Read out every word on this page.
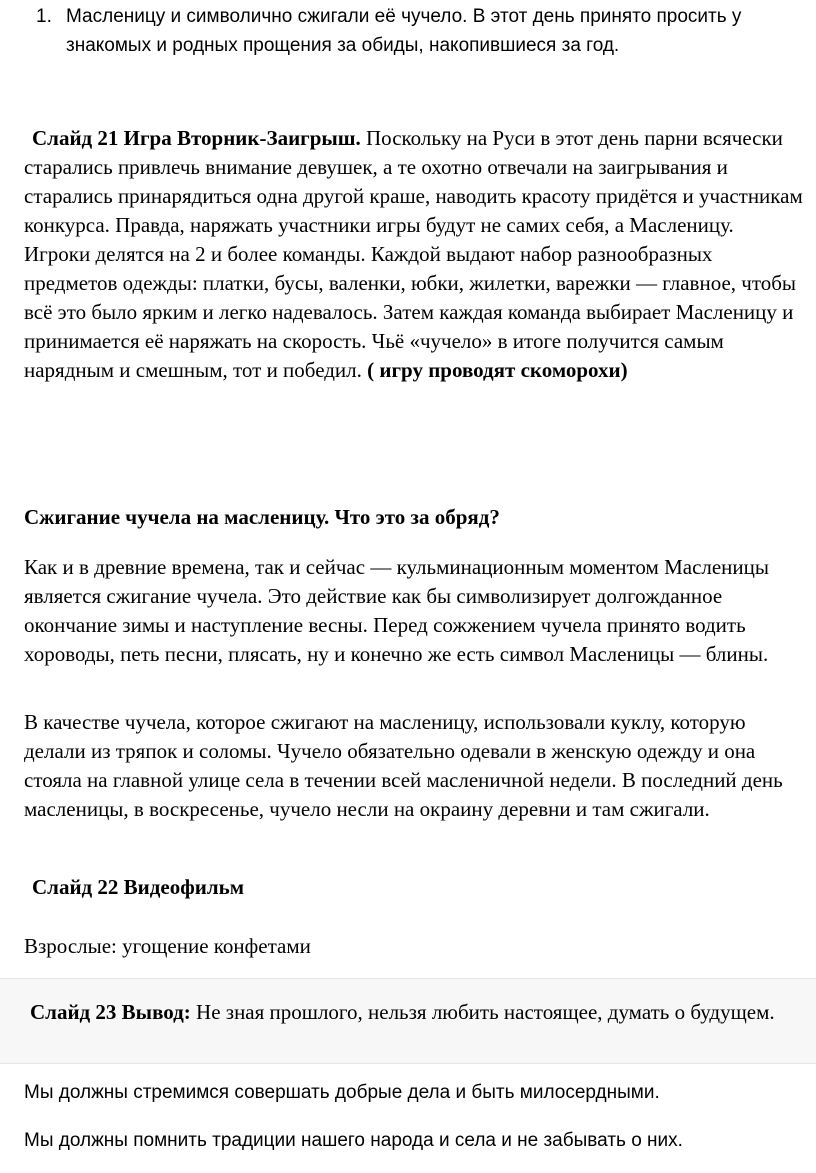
1. Масленицу и символично сжигали её чучело. В этот день принято просить у знакомых и родных прощения за обиды, накопившиеся за год.
Слайд 21 Игра Вторник-Заигрыш. Поскольку на Руси в этот день парни всячески старались привлечь внимание девушек, а те охотно отвечали на заигрывания и старались принарядиться одна другой краше, наводить красоту придётся и участникам конкурса. Правда, наряжать участники игры будут не самих себя, а Масленицу. Игроки делятся на 2 и более команды. Каждой выдают набор разнообразных предметов одежды: платки, бусы, валенки, юбки, жилетки, варежки — главное, чтобы всё это было ярким и легко надевалось. Затем каждая команда выбирает Масленицу и принимается её наряжать на скорость. Чьё «чучело» в итоге получится самым нарядным и смешным, тот и победил. ( игру проводят скоморохи)
Сжигание чучела на масленицу. Что это за обряд?
Как и в древние времена, так и сейчас — кульминационным моментом Масленицы является сжигание чучела. Это действие как бы символизирует долгожданное окончание зимы и наступление весны. Перед сожжением чучела принято водить хороводы, петь песни, плясать, ну и конечно же есть символ Масленицы — блины.
В качестве чучела, которое сжигают на масленицу, использовали куклу, которую делали из тряпок и соломы. Чучело обязательно одевали в женскую одежду и она стояла на главной улице села в течении всей масленичной недели. В последний день масленицы, в воскресенье, чучело несли на окраину деревни и там сжигали.
Слайд 22 Видеофильм
Взрослые: угощение конфетами
Слайд 23 Вывод: Не зная прошлого, нельзя любить настоящее, думать о будущем.
Мы должны стремимся совершать добрые дела и быть милосердными.
Мы должны помнить традиции нашего народа и села и не забывать о них.
